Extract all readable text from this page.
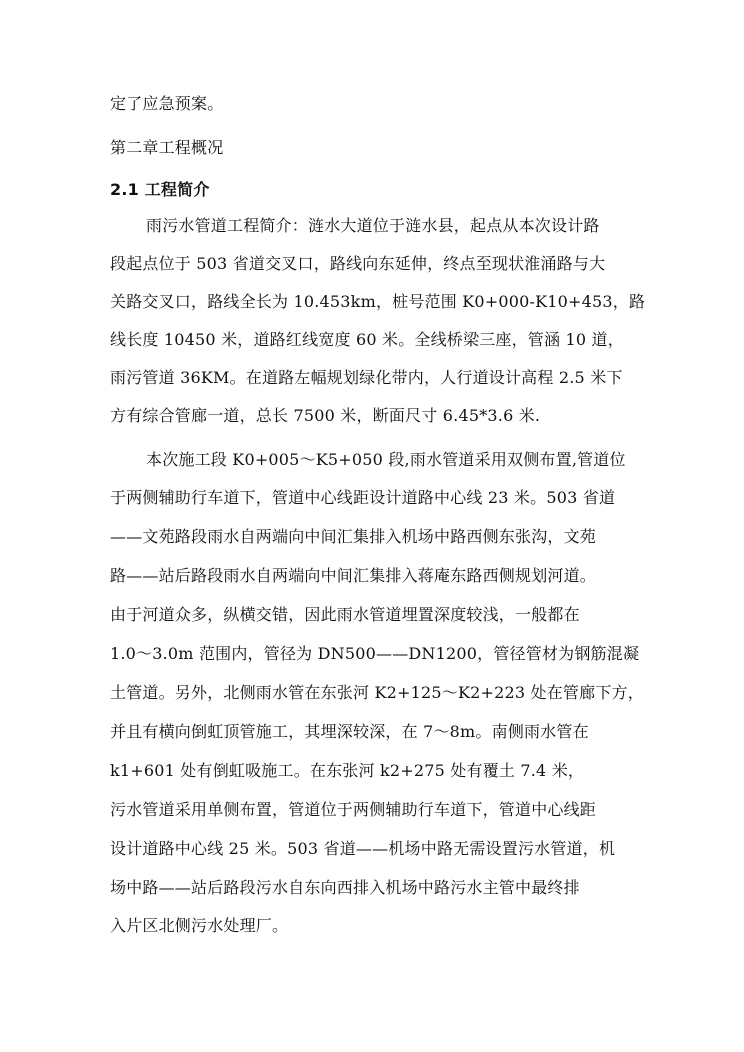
定了应急预案。
第二章工程概况
2.1 工程简介
雨污水管道工程简介：涟水大道位于涟水县，起点从本次设计路
段起点位于 503 省道交叉口，路线向东延伸，终点至现状淮涌路与大
关路交叉口，路线全长为 10.453km，桩号范围 K0+000-K10+453，路
线长度 10450 米，道路红线宽度 60 米。全线桥梁三座，管涵 10 道，
雨污管道 36KM。在道路左幅规划绿化带内，人行道设计高程 2.5 米下
方有综合管廊一道，总长 7500 米，断面尺寸 6.45*3.6 米.
本次施工段 K0+005～K5+050 段,雨水管道采用双侧布置,管道位
于两侧辅助行车道下，管道中心线距设计道路中心线 23 米。503 省道
——文苑路段雨水自两端向中间汇集排入机场中路西侧东张沟，文苑
路——站后路段雨水自两端向中间汇集排入蒋庵东路西侧规划河道。
由于河道众多，纵横交错，因此雨水管道埋置深度较浅，一般都在
1.0～3.0m 范围内，管径为 DN500——DN1200，管径管材为钢筋混凝
土管道。另外，北侧雨水管在东张河 K2+125～K2+223 处在管廊下方，
并且有横向倒虹顶管施工，其埋深较深，在 7～8m。南侧雨水管在
k1+601 处有倒虹吸施工。在东张河 k2+275 处有覆土 7.4 米，
污水管道采用单侧布置，管道位于两侧辅助行车道下，管道中心线距
设计道路中心线 25 米。503 省道——机场中路无需设置污水管道，机
场中路——站后路段污水自东向西排入机场中路污水主管中最终排
入片区北侧污水处理厂。
